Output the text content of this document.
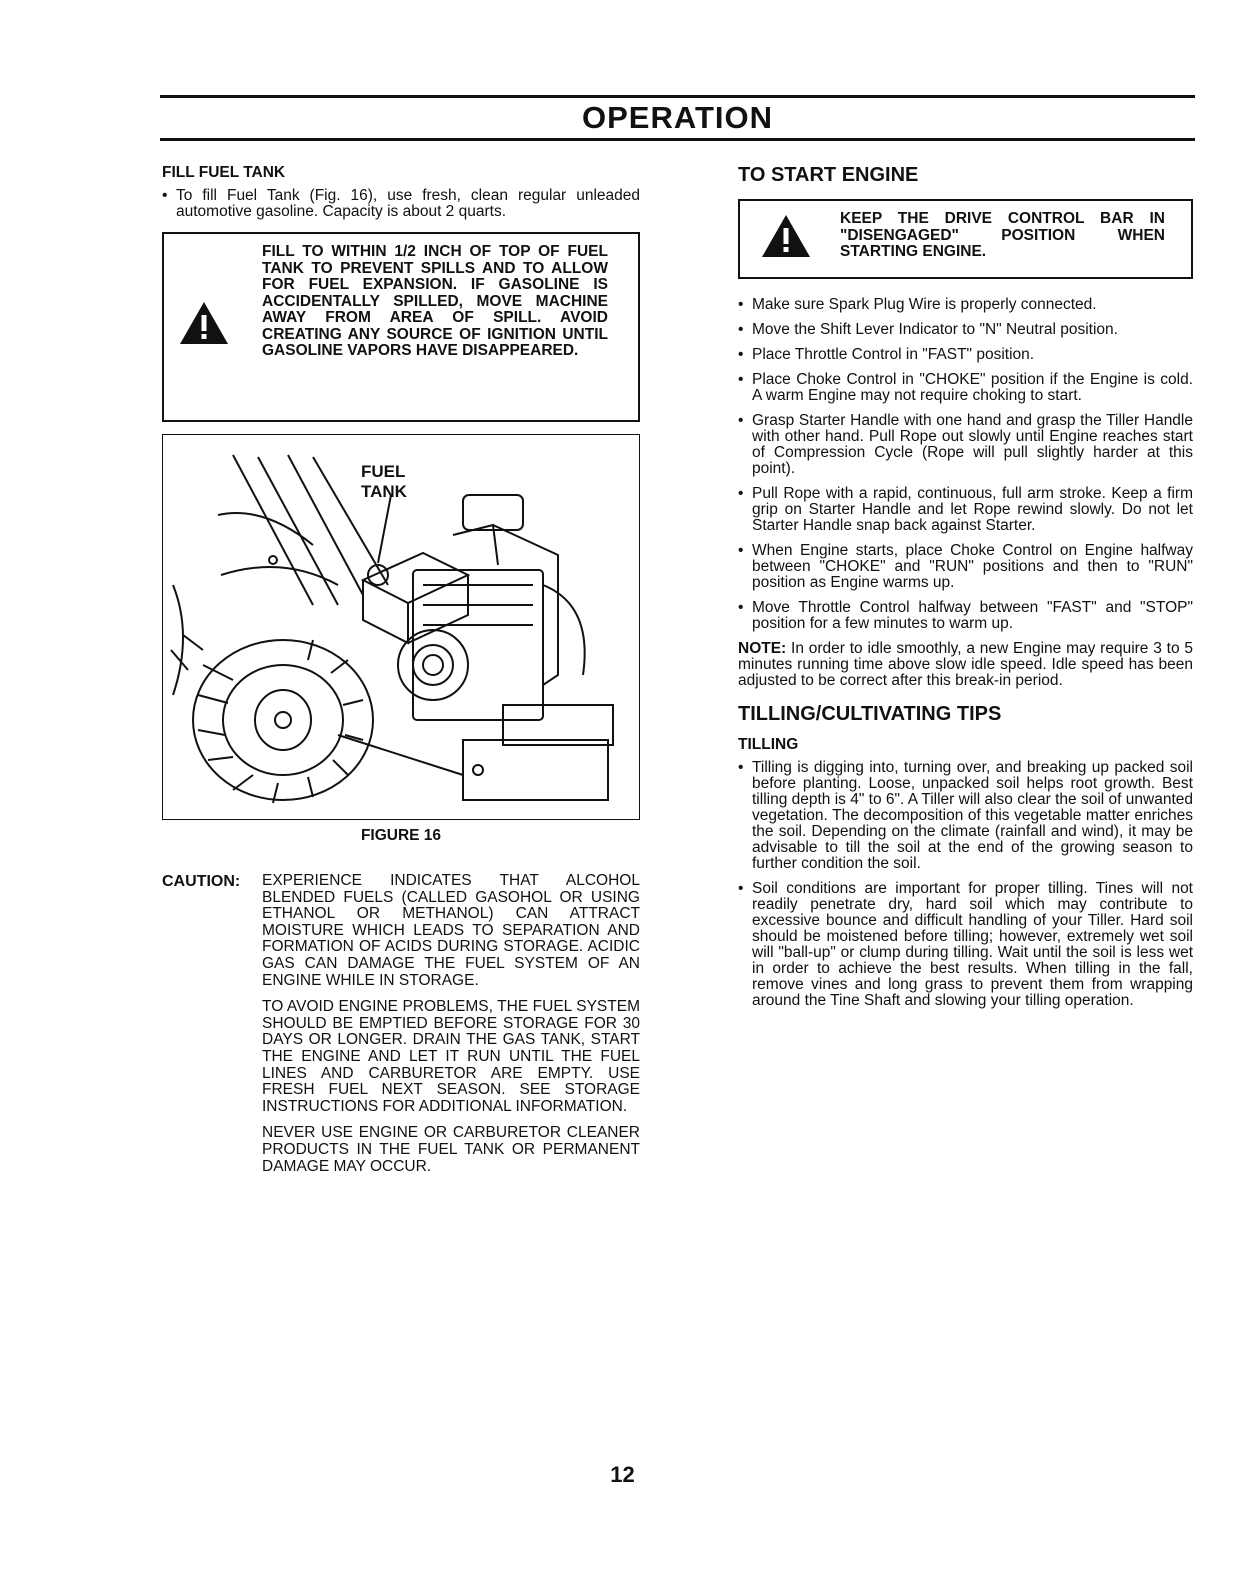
OPERATION
FILL FUEL TANK
• To fill Fuel Tank (Fig. 16), use fresh, clean regular unleaded automotive gasoline. Capacity is about 2 quarts.

FILL TO WITHIN 1/2 INCH OF TOP OF FUEL TANK TO PREVENT SPILLS AND TO ALLOW FOR FUEL EXPANSION. IF GASOLINE IS ACCIDENTALLY SPILLED, MOVE MACHINE AWAY FROM AREA OF SPILL. AVOID CREATING ANY SOURCE OF IGNITION UNTIL GASOLINE VAPORS HAVE DISAPPEARED.

FUEL
TANK
FIGURE 16
CAUTION: EXPERIENCE INDICATES THAT ALCOHOL BLENDED FUELS (CALLED GASOHOL OR USING ETHANOL OR METHANOL) CAN ATTRACT MOISTURE WHICH LEADS TO SEPARATION AND FORMATION OF ACIDS DURING STORAGE. ACIDIC GAS CAN DAMAGE THE FUEL SYSTEM OF AN ENGINE WHILE IN STORAGE.

TO AVOID ENGINE PROBLEMS, THE FUEL SYSTEM SHOULD BE EMPTIED BEFORE STORAGE FOR 30 DAYS OR LONGER. DRAIN THE GAS TANK, START THE ENGINE AND LET IT RUN UNTIL THE FUEL LINES AND CARBURETOR ARE EMPTY. USE FRESH FUEL NEXT SEASON. SEE STORAGE INSTRUCTIONS FOR ADDITIONAL INFORMATION.

NEVER USE ENGINE OR CARBURETOR CLEANER PRODUCTS IN THE FUEL TANK OR PERMANENT DAMAGE MAY OCCUR.

TO START ENGINE

KEEP THE DRIVE CONTROL BAR IN "DISENGAGED" POSITION WHEN STARTING ENGINE.

• Make sure Spark Plug Wire is properly connected.
• Move the Shift Lever Indicator to "N" Neutral position.
• Place Throttle Control in "FAST" position.
• Place Choke Control in "CHOKE" position if the Engine is cold. A warm Engine may not require choking to start.
• Grasp Starter Handle with one hand and grasp the Tiller Handle with other hand. Pull Rope out slowly until Engine reaches start of Compression Cycle (Rope will pull slightly harder at this point).
• Pull Rope with a rapid, continuous, full arm stroke. Keep a firm grip on Starter Handle and let Rope rewind slowly. Do not let Starter Handle snap back against Starter.
• When Engine starts, place Choke Control on Engine halfway between "CHOKE" and "RUN" positions and then to "RUN" position as Engine warms up.
• Move Throttle Control halfway between "FAST" and "STOP" position for a few minutes to warm up.

NOTE: In order to idle smoothly, a new Engine may require 3 to 5 minutes running time above slow idle speed. Idle speed has been adjusted to be correct after this break-in period.

TILLING/CULTIVATING TIPS
TILLING
• Tilling is digging into, turning over, and breaking up packed soil before planting. Loose, unpacked soil helps root growth. Best tilling depth is 4" to 6". A Tiller will also clear the soil of unwanted vegetation. The decomposition of this vegetable matter enriches the soil. Depending on the climate (rainfall and wind), it may be advisable to till the soil at the end of the growing season to further condition the soil.
• Soil conditions are important for proper tilling. Tines will not readily penetrate dry, hard soil which may contribute to excessive bounce and difficult handling of your Tiller. Hard soil should be moistened before tilling; however, extremely wet soil will "ball-up" or clump during tilling. Wait until the soil is less wet in order to achieve the best results. When tilling in the fall, remove vines and long grass to prevent them from wrapping around the Tine Shaft and slowing your tilling operation.

12
